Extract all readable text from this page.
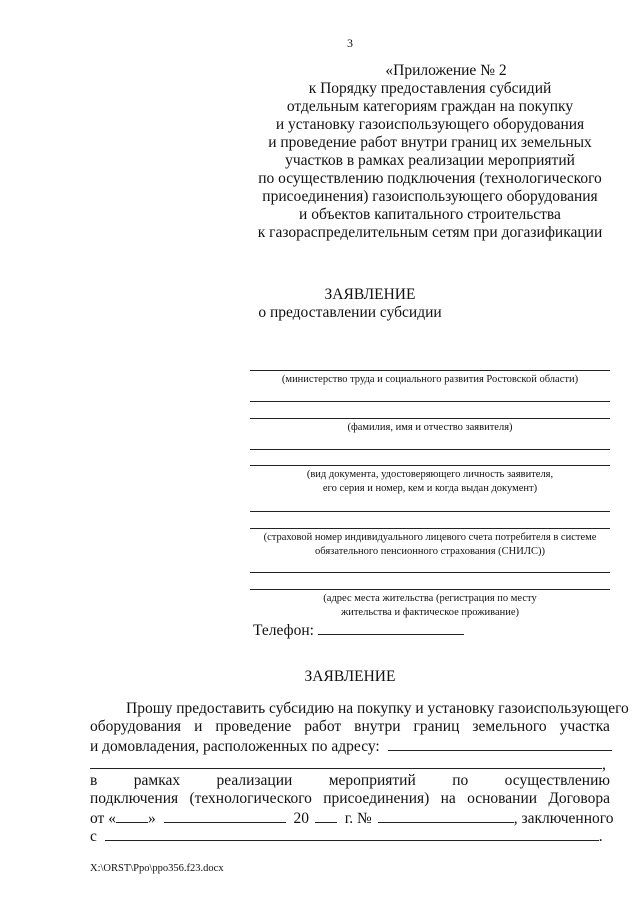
3
«Приложение № 2
к Порядку предоставления субсидий
отдельным категориям граждан на покупку
и установку газоиспользующего оборудования
и проведение работ внутри границ их земельных
участков в рамках реализации мероприятий
по осуществлению подключения (технологического
присоединения) газоиспользующего оборудования
и объектов капитального строительства
к газораспределительным сетям при догазификации
ЗАЯВЛЕНИЕ
о предоставлении субсидии
(министерство труда и социального развития Ростовской области)
(фамилия, имя и отчество заявителя)
(вид документа, удостоверяющего личность заявителя,
его серия и номер, кем и когда выдан документ)
(страховой номер индивидуального лицевого счета потребителя в системе
обязательного пенсионного страхования (СНИЛС))
(адрес места жительства (регистрация по месту
жительства и фактическое проживание)
Телефон:
ЗАЯВЛЕНИЕ
Прошу предоставить субсидию на покупку и установку газоиспользующего
оборудования и проведение работ внутри границ земельного участка
и домовладения, расположенных по адресу:
,
в рамках реализации мероприятий по осуществлению
подключения (технологического присоединения) на основании Договора
от « »	20 г. №	, заключенного
с	.
X:\ORST\Ppo\ppo356.f23.docx
